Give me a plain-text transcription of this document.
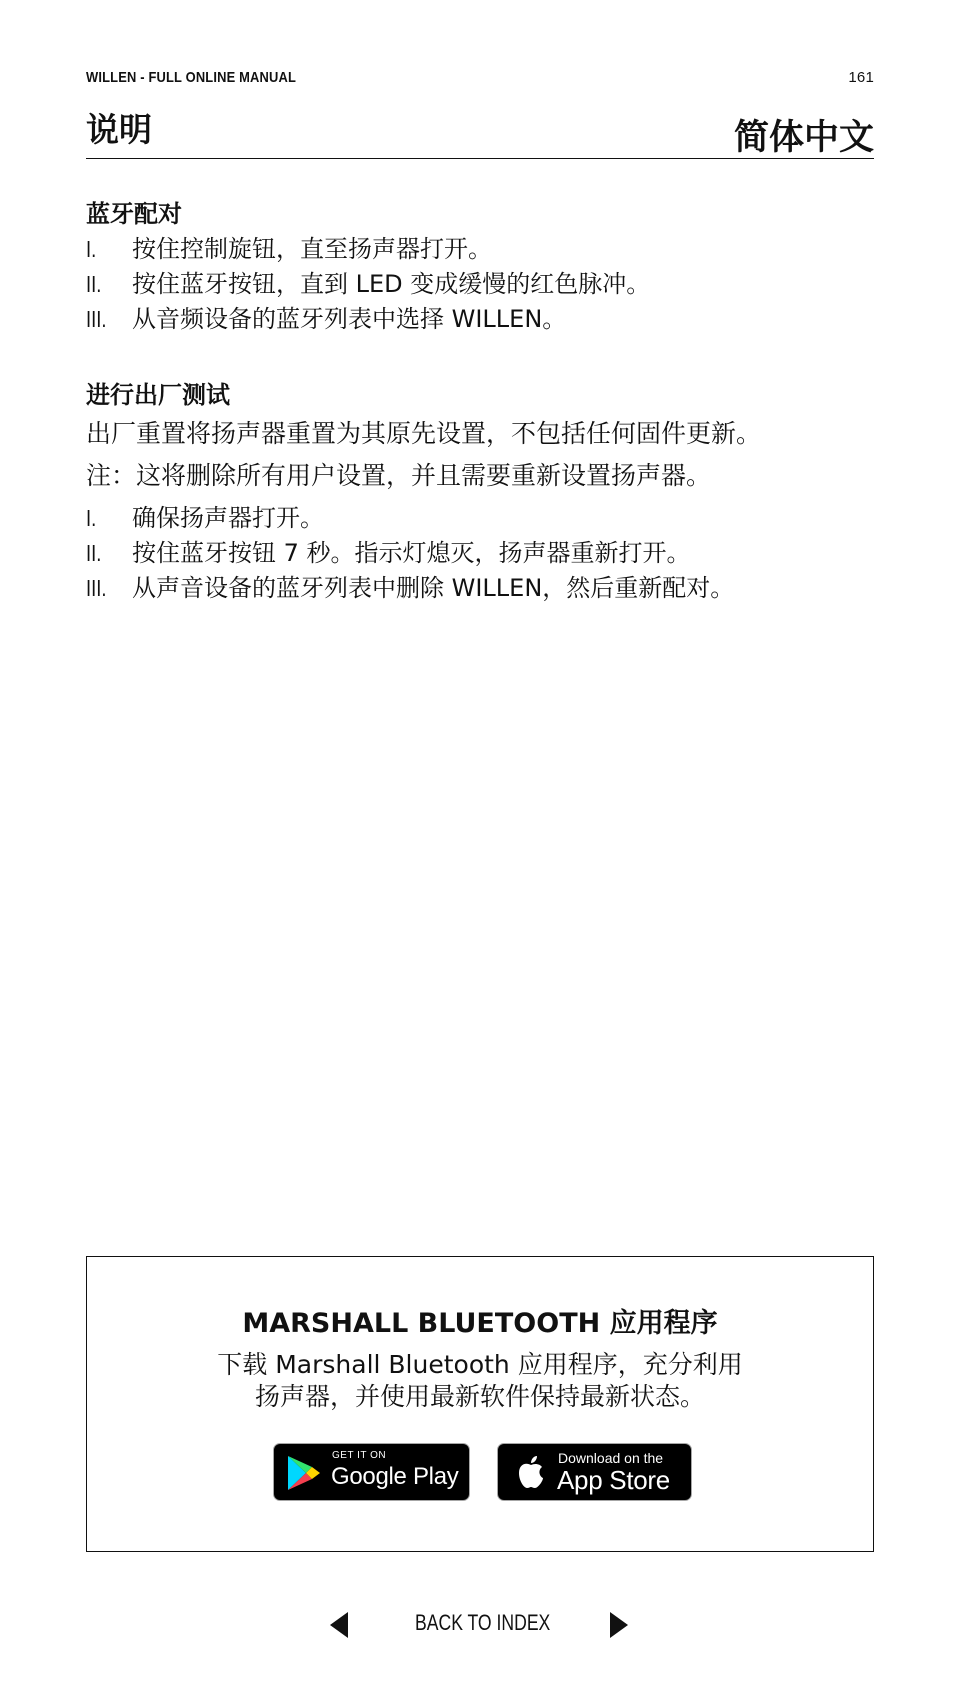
WILLEN - FULL ONLINE MANUAL	161
说明	简体中文
蓝牙配对
I. 按住控制旋钮，直至扬声器打开。
II. 按住蓝牙按钮，直到 LED 变成缓慢的红色脉冲。
III. 从音频设备的蓝牙列表中选择 WILLEN。
进行出厂测试
出厂重置将扬声器重置为其原先设置，不包括任何固件更新。
注：这将删除所有用户设置，并且需要重新设置扬声器。
I. 确保扬声器打开。
II. 按住蓝牙按钮 7 秒。指示灯熄灭，扬声器重新打开。
III. 从声音设备的蓝牙列表中删除 WILLEN，然后重新配对。
MARSHALL BLUETOOTH 应用程序
下载 Marshall Bluetooth 应用程序，充分利用
扬声器，并使用最新软件保持最新状态。
GET IT ON
Google Play
Download on the
App Store
BACK TO INDEX
